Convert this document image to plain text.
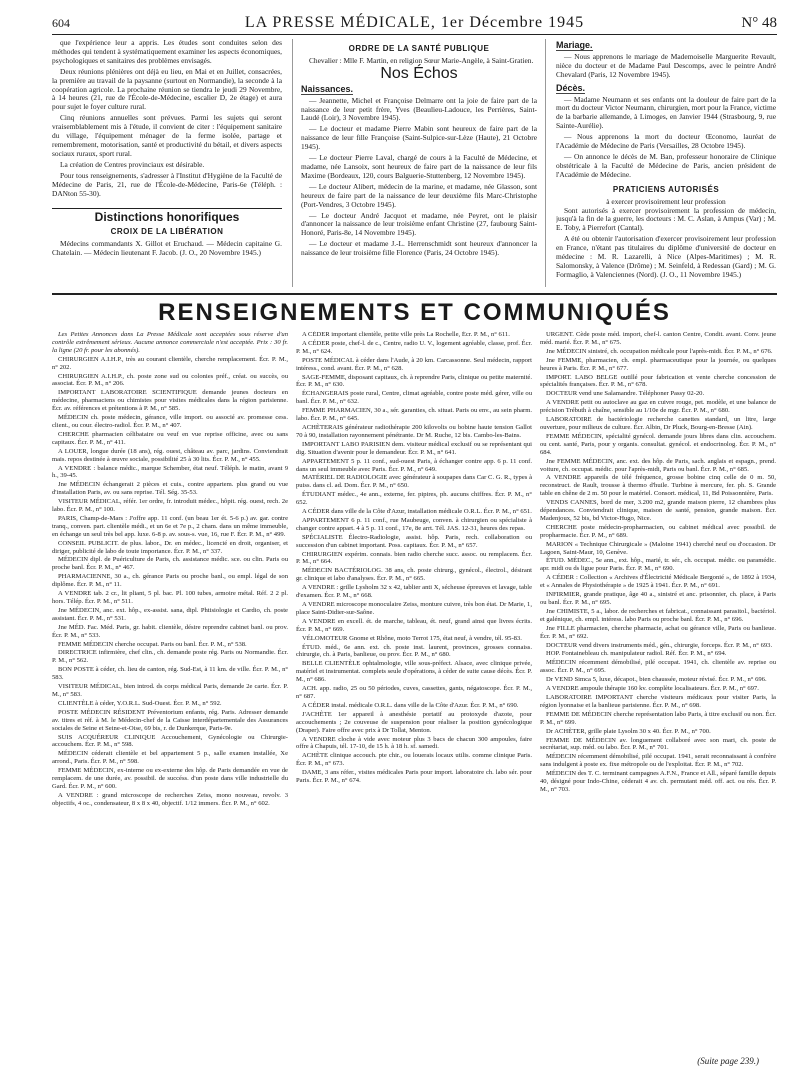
604	LA PRESSE MÉDICALE, 1er Décembre 1945	N° 48

que l'expérience leur a appris. Les études sont conduites selon des méthodes qui tendent à systématiquement examiner les aspects économiques, psychologiques et sanitaires des problèmes envisagés.

Deux réunions plénières ont déjà eu lieu, en Mai et en Juillet, consacrées, la première au travail de la paysanne (surtout en Normandie), la seconde à la coopération agricole. La prochaine réunion se tiendra le jeudi 29 Novembre, à 14 heures (21, rue de l'École-de-Médecine, escalier D, 2e étage) et aura pour sujet le foyer culture rural.

Cinq réunions annuelles sont prévues. Parmi les sujets qui seront vraisemblablement mis à l'étude, il convient de citer : l'équipement sanitaire du village, l'équipement ménager de la ferme isolée, partage et remembrement, motorisation, santé et productivité du bétail, et divers aspects sociaux ruraux, sport rural.

La création de Centres provinciaux est désirable.

Pour tous renseignements, s'adresser à l'Institut d'Hygiène de la Faculté de Médecine de Paris, 21, rue de l'École-de-Médecine, Paris-6e (Téléph. : DANton 55-30).

Distinctions honorifiques
CROIX DE LA LIBÉRATION

Médecins commandants X. Gillot et Eruchaud. — Médecin capitaine G. Chatelain. — Médecin lieutenant F. Jacob. (J. O., 20 Novembre 1945.)

ORDRE DE LA SANTÉ PUBLIQUE

Chevalier : Mlle F. Martin, en religion Sœur Marie-Angèle, à Saint-Gratien.

Nos Échos
Naissances.

— Jeannette, Michel et Françoise Delmarre ont la joie de faire part de la naissance de leur petit frère, Yves (Beaulieu-Ladouce, les Perrières, Saint-Laudé (Loir), 3 Novembre 1945).

— Le docteur et madame Pierre Mabin sont heureux de faire part de la naissance de leur fille Françoise (Saint-Sulpice-sur-Lèze (Haute), 21 Octobre 1945).

— Le docteur Pierre Laval, chargé de cours à la Faculté de Médecine, et madame, née Lansoix, sont heureux de faire part de la naissance de leur fils Maxime (Bordeaux, 120, cours Balguerie-Stuttenberg, 12 Novembre 1945).

— Le docteur Alibert, médecin de la marine, et madame, née Glasson, sont heureux de faire part de la naissance de leur deuxième fils Marc-Christophe (Port-Vendres, 3 Octobre 1945).

— Le docteur André Jacquot et madame, née Peyret, ont le plaisir d'annoncer la naissance de leur troisième enfant Christine (27, faubourg Saint-Honoré, Paris-8e, 14 Novembre 1945).

— Le docteur et madame J.-L. Herrenschmidt sont heureux d'annoncer la naissance de leur troisième fille Florence (Paris, 24 Octobre 1945).

Mariage.

— Nous apprenons le mariage de Mademoiselle Marguerite Revault, nièce du docteur et de Madame Paul Descomps, avec le peintre André Chevalard (Paris, 12 Novembre 1945).

Décès.

— Madame Neumann et ses enfants ont la douleur de faire part de la mort du docteur Victor Neumann, chirurgien, mort pour la France, victime de la barbarie allemande, à Limoges, en Janvier 1944 (Strasbourg, 9, rue Sainte-Aurélie).

— Nous apprenons la mort du docteur Œconomo, lauréat de l'Académie de Médecine de Paris (Versailles, 28 Octobre 1945).

— On annonce le décès de M. Ban, professeur honoraire de Clinique obstétricale à la Faculté de Médecine de Paris, ancien président de l'Académie de Médecine.

PRATICIENS AUTORISÉS
à exercer provisoirement leur profession

Sont autorisés à exercer provisoirement la profession de médecin, jusqu'à la fin de la guerre, les docteurs : M. C. Aslan, à Ampus (Var) ; M. E. Toby, à Pierrefort (Cantal).

A été ou obtenir l'autorisation d'exercer provisoirement leur profession en France, n'étant pas titulaires du diplôme d'université de docteur en médecine : M. R. Lazarelli, à Nice (Alpes-Maritimes) ; M. R. Salomonsky, à Valence (Drôme) ; M. Seinfeld, à Redessan (Gard) ; M. G. Formaglio, à Valenciennes (Nord). (J. O., 11 Novembre 1945.)

RENSEIGNEMENTS ET COMMUNIQUÉS

Les Petites Annonces dans La Presse Médicale sont acceptées sous réserve d'un contrôle extrêmement sérieux. Aucune annonce commerciale n'est acceptée. Prix : 30 fr. la ligne (20 fr. pour les abonnés).

CHIRURGIEN A.I.H.P., très au courant clientèle, cherche remplacement. Écr. P. M., n° 202.

CHIRURGIEN A.I.H.P., ch. poste zone sud ou colonies préf., créat. ou succès, ou associat. Écr. P. M., n° 206.

IMPORTANT LABORATOIRE SCIENTIFIQUE demande jeunes docteurs en médecine, pharmaciens ou chimistes pour visites médicales dans la région parisienne. Écr. av. références et prétentions à P. M., n° 585.

MÉDECIN ch. poste médecin, gérance, ville import. ou associé av. promesse cess. client., ou cour. électro-radiol. Écr. P. M., n° 407.

CHERCHE pharmacien célibataire ou veuf en vue reprise officine, avec ou sans capitaux. Écr. P. M., n° 411.

A LOUER, longue durée (18 ans), rég. ouest, château av. parc, jardins. Conviendrait mais. repos destinée à œuvre sociale, possibilité 25 à 30 lits. Écr. P. M., n° 455.

A VENDRE : balance médic., marque Schember, état neuf. Téléph. le matin, avant 9 h., 39-45.

Jne MÉDECIN échangerait 2 pièces et cuis., contre appartem. plus grand ou vue d'installation Paris, av. ou sans reprise. Tél. Ség. 35-53.

VISITEUR MÉDICAL, référ. 1er ordre, fr. introduit médec., hôpit. rég. ouest, rech. 2e labo. Écr. P. M., n° 100.

PARIS, Champ-de-Mars : J'offre app. 11 conf. (un beau 1er ét. 5-6 p.) av. gar. contre tranq., conven. part. clientèle médi., et un 6e et 7e p., 2 cham. dans un même immeuble, en échange un seul très bel app. luxe. 6-8 p. av. sous-s. vue, 16, rue F. Écr. P. M., n° 499.

CONSEIL PUBLICIT. de plus. labor., Dr. en médec., licencié en droit, organiser, et diriger, publicité de labo de toute importance. Écr. P. M., n° 337.

MÉDECIN dipl. de Puériculture de Paris, ch. assistance médic. sce. ou clin. Paris ou proche banl. Écr. P. M., n° 467.

PHARMACIENNE, 30 a., ch. gérance Paris ou proche banl., ou empl. légal de son diplôme. Écr. P. M., n° 11.

A VENDRE tab. 2 cr., lit pliant, 5 pl. bac. Pl. 100 tubes, armoire métal. Réf. 2 2 pl. hors. Télép. Écr. P. M., n° 511.

Jne MÉDECIN, anc. ext. hôp., ex-assist. sana, dipl. Phtisiologie et Cardio, ch. poste assistant. Écr. P. M., n° 531.

Jne MÉD. Fac. Méd. Paris, gr. habit. clientèle, désire reprendre cabinet banl. ou prov. Écr. P. M., n° 533.

FEMME MÉDECIN cherche occupat. Paris ou banl. Écr. P. M., n° 538.

DIRECTRICE infirmière, chef clin., ch. demande poste rég. Paris ou Normandie. Écr. P. M., n° 562.

BON POSTE à céder, ch. lieu de canton, rég. Sud-Est, à 11 km. de ville. Écr. P. M., n° 583.

VISITEUR MÉDICAL, bien introd. ds corps médical Paris, demande 2e carte. Écr. P. M., n° 583.

CLIENTÈLE à céder, Y.O.R.L. Sud-Ouest. Écr. P. M., n° 592.

POSTE MÉDECIN RÉSIDENT Préventorium enfants, rég. Paris. Adresser demande av. titres et réf. à M. le Médecin-chef de la Caisse interdépartementale des Assurances sociales de Seine et Seine-et-Oise, 69 bis, r. de Dunkerque, Paris-9e.

SUIS ACQUÉREUR CLINIQUE Accouchement, Gynécologie ou Chirurgie-accouchem. Écr. P. M., n° 598.

MÉDECIN céderait clientèle et bel appartement 5 p., salle examen installée, Xe arrond., Paris. Écr. P. M., n° 598.

FEMME MÉDECIN, ex-interne ou ex-externe des hôp. de Paris demandée en vue de remplacem. de une durée, av. possibil. de succéss. d'un poste dans ville industrielle du Gard. Écr. P. M., n° 600.

A VENDRE : grand microscope de recherches Zeiss, mono nouveau, revolv. 3 objectifs, 4 oc., condensateur, 8 x 8 x 40, objectif. 1/12 immers. Écr. P. M., n° 602.

A CÉDER important clientèle, petite ville près La Rochelle, Écr. P. M., n° 611.

A CÉDER poste, chef-l. de c., Centre, radio U. V., logement agréable, classe, prof. Écr. P. M., n° 624.

POSTE MÉDICAL à céder dans l'Aude, à 20 km. Carcassonne. Seul médecin, rapport intéress., cond. avant. Écr. P. M., n° 628.

SAGE-FEMME, disposant capitaux, ch. à reprendre Paris, clinique ou petite maternité. Écr. P. M., n° 630.

ÉCHANGERAIS poste rural, Centre, climat agréable, contre poste méd. gérer, ville ou banl. Écr. P. M., n° 632.

FEMME PHARMACIEN, 30 a., sér. garanties, ch. situat. Paris ou env., au sein pharm. labo. Écr. P. M., n° 645.

ACHÈTERAIS générateur radiothérapie 200 kilovolts ou bobine haute tension Gallot 70 à 90, installation rayonnement pénétrante. Dr M. Ruche, 12 bis. Cambo-les-Bains.

IMPORTANT LABO PARISIEN dem. visiteur médical exclusif ou se représentant qui dig. Situation d'avenir pour le demandeur. Écr. P. M., n° 641.

APPARTEMENT 5 p. 11 conf., sud-ouest Paris, à échanger contre app. 6 p. 11 conf. dans un seul immeuble avec Paris. Écr. P. M., n° 649.

MATÉRIEL DE RADIOLOGIE avec générateur à soupapes dans Car C. G. R., types à puiss. dans cl. ad. Dom. Écr. P. M., n° 650.

ÉTUDIANT médec., 4e ann., externe, fer. pipires, ph. aucuns chiffres. Écr. P. M., n° 652.

A CÉDER dans ville de la Côte d'Azur, installation médicale O.R.L. Écr. P. M., n° 651.

APPARTEMENT 6 p. 11 conf., rue Maubeuge, conven. à chirurgien ou spécialiste à changer contre appart. 4 à 5 p. 11 conf., 17e, 8e arrt. Tél. JAS. 12-31, heures des repas.

SPÉCIALISTE Électro-Radiologie, assist. hôp. Paris, rech. collaboration ou succession d'un cabinet important. Poss. capitaux. Écr. P. M., n° 657.

CHIRURGIEN expérim. connais. bien radio cherche succ. assoc. ou remplacem. Écr. P. M., n° 664.

MÉDECIN BACTÉRIOLOG. 38 ans, ch. poste chirurg., gynécol., électrol., désirant gr. clinique et labo d'analyses. Écr. P. M., n° 665.

A VENDRE : grille Lysholm 32 x 42, tablier anti X, sécheuse épreuves et lavage, table d'examen. Écr. P. M., n° 668.

A VENDRE microscope monoculaire Zeiss, monture cuivre, très bon état. Dr Marie, 1, place Saint-Didier-sur-Saône.

A VENDRE en excell. ét. de marche, tableau, ét. neuf, grand ainsi que livres écrits. Écr. P. M., n° 669.

VÉLOMOTEUR Gnome et Rhône, moto Terrot 175, état neuf, à vendre, tél. 95-83.

ÉTUD. méd., 6e ann. ext. ch. poste inst. laurent, provinces, grosses connaiss. chirurgie, ch. à Paris, banlieue, ou prov. Écr. P. M., n° 680.

BELLE CLIENTÈLE ophtalmologie, ville sous-préfect. Alsace, avec clinique privée, matériel et instrumentat. complets seule d'opérations, à céder de suite cause décès. Écr. P. M., n° 686.

ACH. app. radio, 25 ou 50 périodes, cuves, cassettes, gants, négatoscope. Écr. P. M., n° 687.

A CÉDER instal. médicale O.R.L. dans ville de la Côte d'Azur. Écr. P. M., n° 690.

J'ACHÈTE 1er appareil à anesthésie portatif au protoxyde d'azote, pour accouchements ; 2e couveuse de suspension pour réaliser la position gynécologique (Draper). Faire offre avec prix à Dr Tollat, Menton.

A VENDRE cloche à vide avec moteur plus 3 bacs de chacun 300 ampoules, faire offre à Chapuis, tél. 17-10, de 15 h. à 18 h. sf. samedi.

ACHÈTE clinique accouch. pte chir., ou louerais locaux utilis. comme clinique Paris. Écr. P. M., n° 673.

DAME, 3 ans réfer., visites médicales Paris pour import. laboratoire ch. labo sér. pour Paris. Écr. P. M., n° 674.

URGENT. Cède poste méd. import, chef-l. canton Centre, Condit. avant. Conv. jeune méd. marié. Écr. P. M., n° 675.

Jne MÉDECIN sinistré, ch. occupation médicale pour l'après-midi. Écr. P. M., n° 676.

Jne FEMME, pharmacien, ch. empl. pharmaceutique pour la journée, ou quelques heures à Paris. Écr. P. M., n° 677.

IMPORT. LABO BELGE outillé pour fabrication et vente cherche concession de spécialités françaises. Écr. P. M., n° 678.

DOCTEUR vend une Salamandre. Téléphoner Passy 02-20.

A VENDRE petit ou autoclave au gaz en cuivre rouge, pet. modèle, et une balance de précision Trébuth à chaîne, sensible au 1/10e de mgr. Écr. P. M., n° 680.

LABORATOIRE de bactériologie recherche canettes standard, un litre, large ouverture, pour milieux de culture. Écr. Albin, Dr Pluck, Bourg-en-Bresse (Ain).

FEMME MÉDECIN, spécialité gynécol. demande jours libres dans clin. accouchem. ou cent. santé, Paris, pour y organis. consultat. gynécol. et endocrinolog. Écr. P. M., n° 684.

Jne FEMME MÉDECIN, anc. ext. des hôp. de Paris, sach. anglais et espagn., prend. voiture, ch. occupat. médic. pour l'après-midi, Paris ou banl. Écr. P. M., n° 685.

A VENDRE appareils de télé fréquence, grosse bobine cinq celle de 0 m. 50, reconstruct. de Rault, trousse à thermo d'huile. Turbine à mercure, fer. ph. S. Grande table en chêne de 2 m. 50 pour le matériel. Consort. médical, 11, Bd Poissonnière, Paris.

VENDS CANNES, bord de mer, 3.200 m2, grande maison pierre, 12 chambres plus dépendances. Conviendrait clinique, maison de santé, pension, grande maison. Écr. Madenjoux, 52 bis, bd Victor-Hugo, Nice.

CHERCHE poste médecin-propharmacien, ou cabinet médical avec possibil. de propharmacie. Écr. P. M., n° 689.

MARION « Technique Chirurgicale » (Maloine 1941) cherché neuf ou d'occasion. Dr Lagoen, Saint-Maur, 10, Genève.

ÉTUD. MÉDEC., 5e ann., ext. hôp., marié, tr. sér., ch. occupat. médic. ou paramédic. apr. midi ou ds ligue pour Paris. Écr. P. M., n° 690.

A CÉDER : Collection « Archives d'Électricité Médicale Bergonié », de 1892 à 1934, et « Annales de Physiothérapie » de 1925 à 1941. Écr. P. M., n° 691.

INFIRMIER, grande pratique, âge 40 a., sinistré et anc. prisonnier, ch. place, à Paris ou banl. Écr. P. M., n° 695.

Jne CHIMISTE, 5 a., labor. de recherches et fabricat., connaissant parasitol., bactériol. et galénique, ch. empl. intéress. labo Paris ou proche banl. Écr. P. M., n° 696.

Jne FILLE pharmacien, cherche pharmacie, achat ou gérance ville, Paris ou banlieue. Écr. P. M., n° 692.

DOCTEUR vend divers instruments méd., gén., chirurgie, forceps. Écr. P. M., n° 693.

HOP. Fontainebleau ch. manipulateur radiol. Réf. Écr. P. M., n° 694.

MÉDECIN récemment démobilisé, pilé occupat. 1941, ch. clientèle av. reprise ou assoc. Écr. P. M., n° 695.

Dr VEND Simca 5, luxe, décapot., bien chaussée, moteur révisé. Écr. P. M., n° 696.

A VENDRE ampoule thérapie 160 kv. complète localisateurs. Écr. P. M., n° 697.

LABORATOIRE IMPORTANT cherche visiteurs médicaux pour visiter Paris, la région lyonnaise et la banlieue parisienne. Écr. P. M., n° 698.

FEMME DE MÉDECIN cherche représentation labo Paris, à titre exclusif ou non. Écr. P. M., n° 699.

Dr ACHÈTER, grille plate Lysolm 30 x 40. Écr. P. M., n° 700.

FEMME DE MÉDECIN av. longuement collaboré avec son mari, ch. poste de secrétariat, sup. méd. ou labo. Écr. P. M., n° 701.

MÉDECIN récemment démobilisé, pilé occupat. 1941, serait reconnaissant à confrère sans indulgent à poste ex. fixe métropole ou de l'exploitat. Écr. P. M., n° 702.

MÉDECIN des T. C. terminant campagnes A.F.N., France et All., séparé famille depuis 40, désigné pour Indo-Chine, céderait 4 av. ch. permutant méd. off. act. ou rés. Écr. P. M., n° 703.

(Suite page 239.)
